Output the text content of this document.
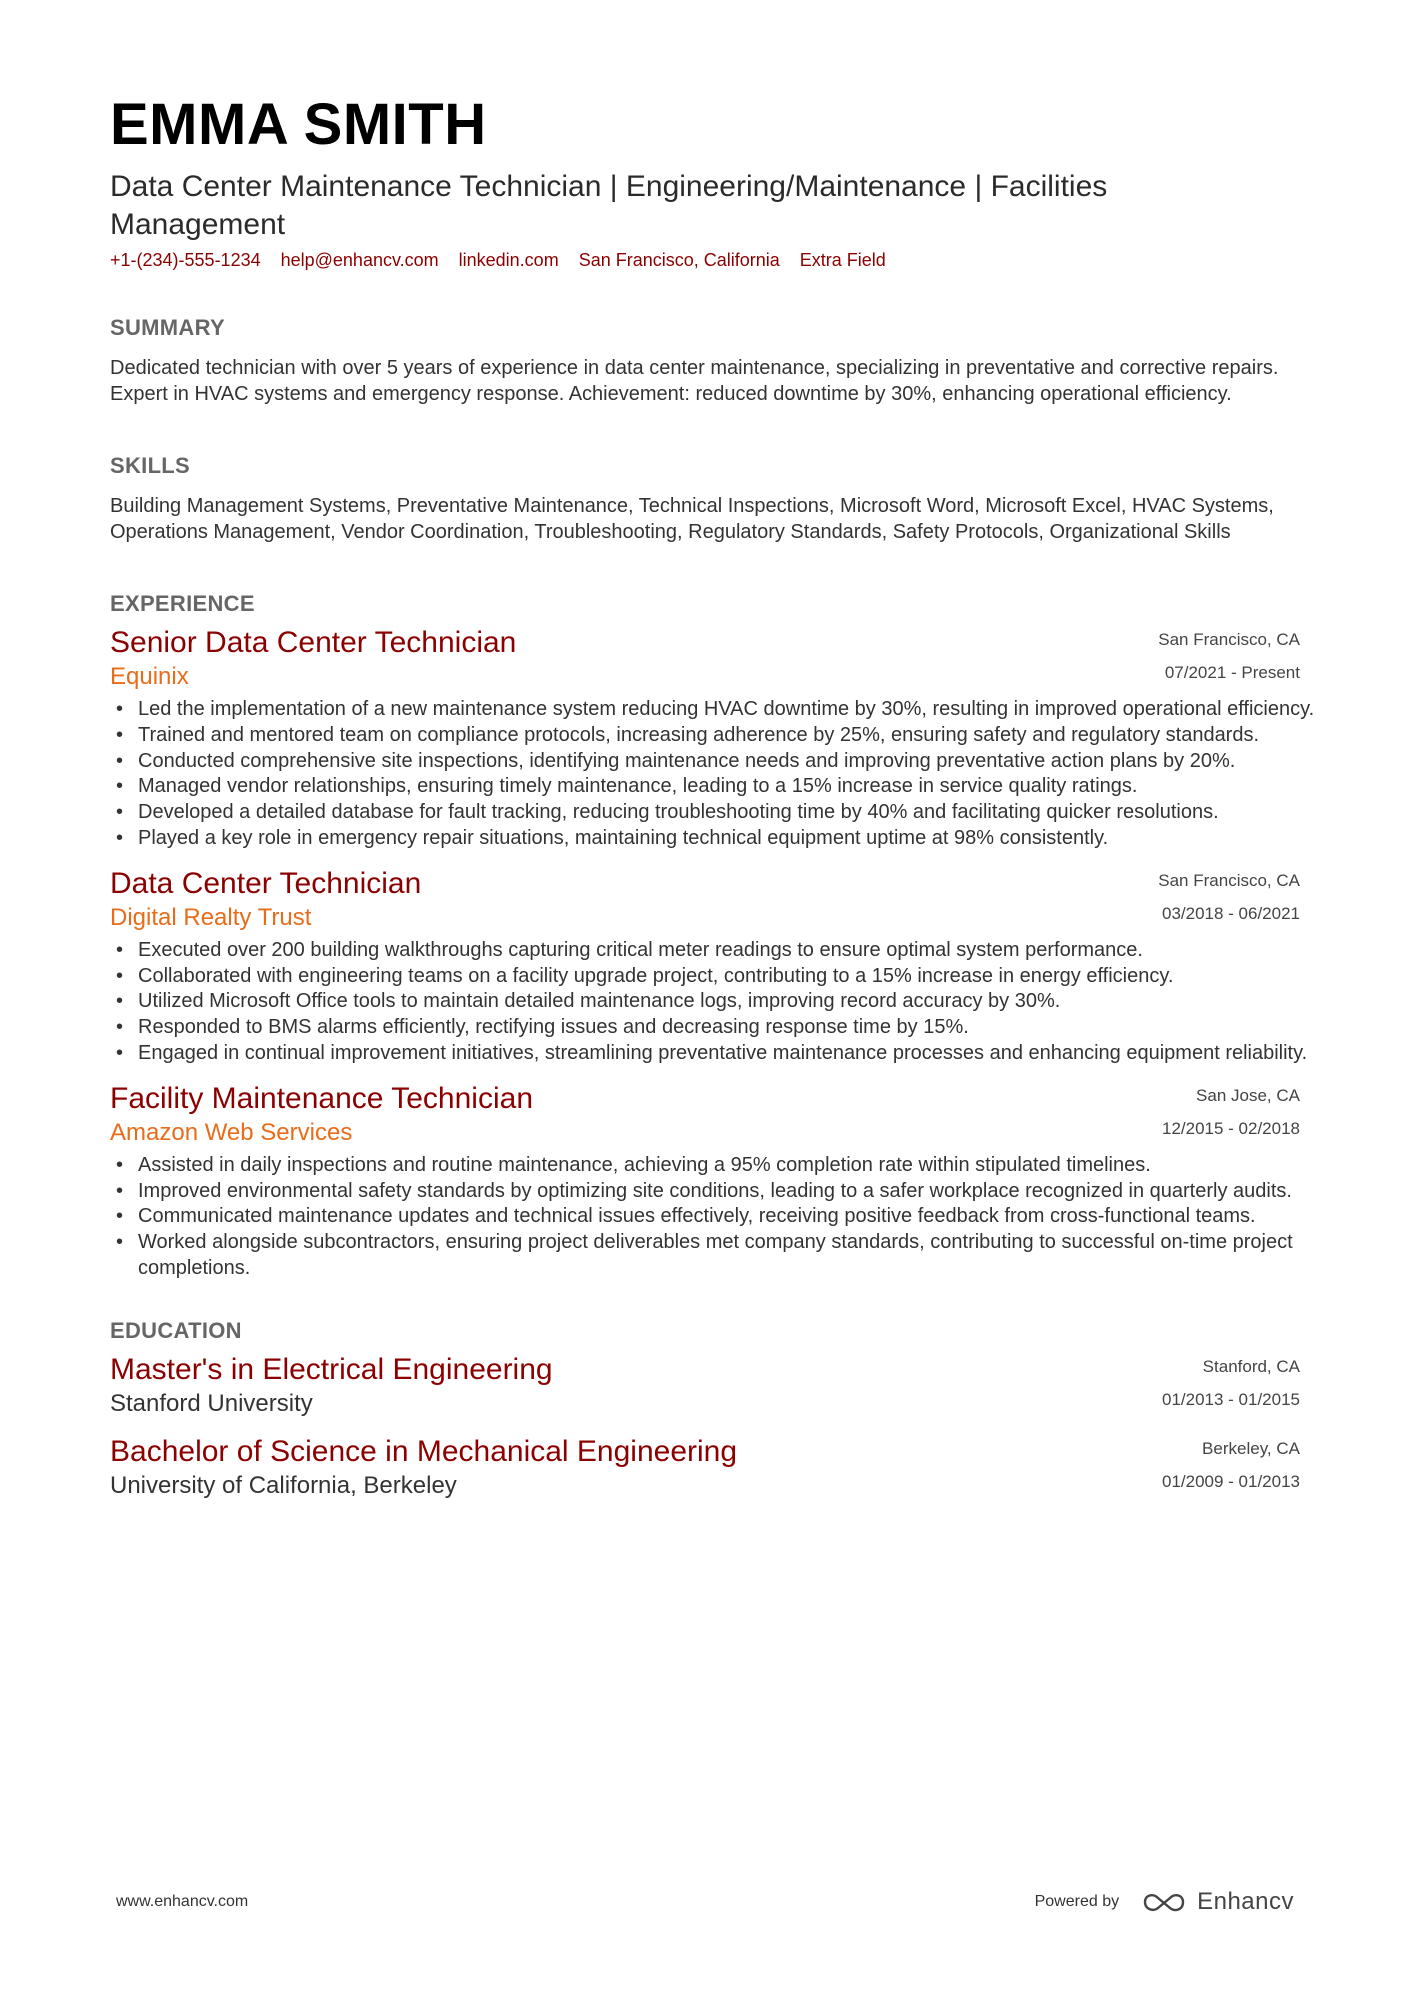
EMMA SMITH
Data Center Maintenance Technician | Engineering/Maintenance | Facilities Management
+1-(234)-555-1234 help@enhancv.com linkedin.com San Francisco, California Extra Field
SUMMARY
Dedicated technician with over 5 years of experience in data center maintenance, specializing in preventative and corrective repairs. Expert in HVAC systems and emergency response. Achievement: reduced downtime by 30%, enhancing operational efficiency.
SKILLS
Building Management Systems, Preventative Maintenance, Technical Inspections, Microsoft Word, Microsoft Excel, HVAC Systems, Operations Management, Vendor Coordination, Troubleshooting, Regulatory Standards, Safety Protocols, Organizational Skills
EXPERIENCE
Senior Data Center Technician
Equinix
San Francisco, CA
07/2021 - Present
• Led the implementation of a new maintenance system reducing HVAC downtime by 30%, resulting in improved operational efficiency.
• Trained and mentored team on compliance protocols, increasing adherence by 25%, ensuring safety and regulatory standards.
• Conducted comprehensive site inspections, identifying maintenance needs and improving preventative action plans by 20%.
• Managed vendor relationships, ensuring timely maintenance, leading to a 15% increase in service quality ratings.
• Developed a detailed database for fault tracking, reducing troubleshooting time by 40% and facilitating quicker resolutions.
• Played a key role in emergency repair situations, maintaining technical equipment uptime at 98% consistently.
Data Center Technician
Digital Realty Trust
San Francisco, CA
03/2018 - 06/2021
• Executed over 200 building walkthroughs capturing critical meter readings to ensure optimal system performance.
• Collaborated with engineering teams on a facility upgrade project, contributing to a 15% increase in energy efficiency.
• Utilized Microsoft Office tools to maintain detailed maintenance logs, improving record accuracy by 30%.
• Responded to BMS alarms efficiently, rectifying issues and decreasing response time by 15%.
• Engaged in continual improvement initiatives, streamlining preventative maintenance processes and enhancing equipment reliability.
Facility Maintenance Technician
Amazon Web Services
San Jose, CA
12/2015 - 02/2018
• Assisted in daily inspections and routine maintenance, achieving a 95% completion rate within stipulated timelines.
• Improved environmental safety standards by optimizing site conditions, leading to a safer workplace recognized in quarterly audits.
• Communicated maintenance updates and technical issues effectively, receiving positive feedback from cross-functional teams.
• Worked alongside subcontractors, ensuring project deliverables met company standards, contributing to successful on-time project completions.
EDUCATION
Master's in Electrical Engineering
Stanford University
Stanford, CA
01/2013 - 01/2015
Bachelor of Science in Mechanical Engineering
University of California, Berkeley
Berkeley, CA
01/2009 - 01/2013
www.enhancv.com	Powered by	Enhancv
